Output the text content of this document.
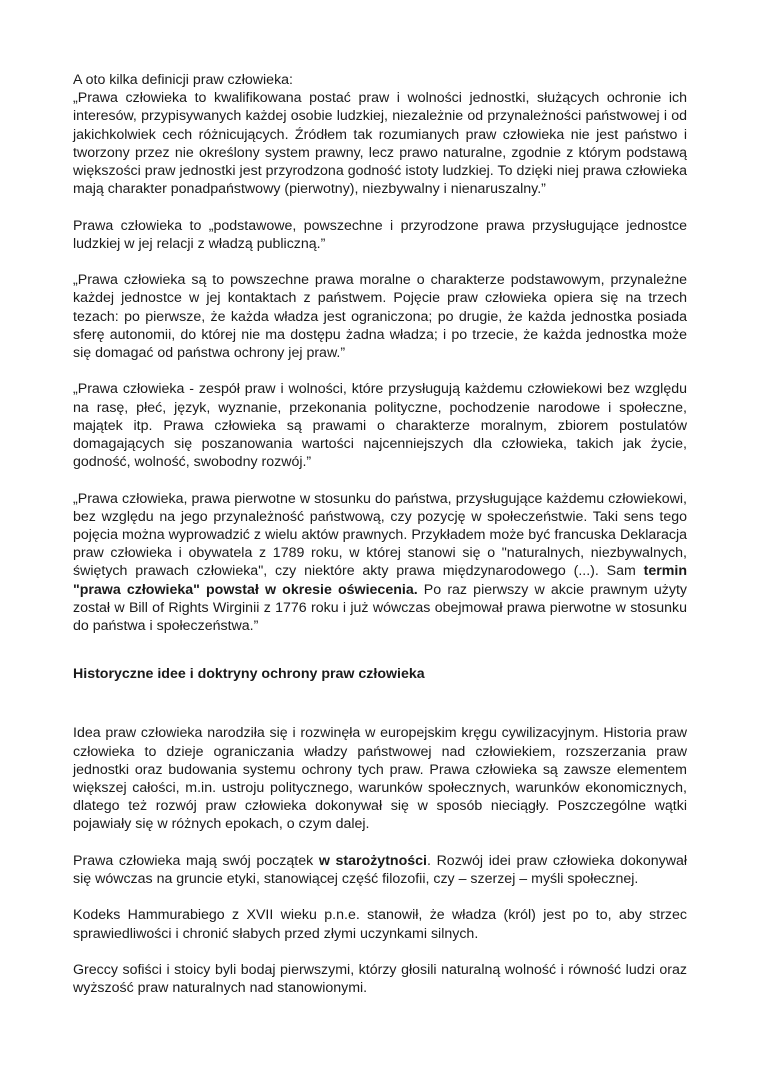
A oto kilka definicji praw człowieka:
„Prawa człowieka to kwalifikowana postać praw i wolności jednostki, służących ochronie ich interesów, przypisywanych każdej osobie ludzkiej, niezależnie od przynależności państwowej i od jakichkolwiek cech różnicujących. Źródłem tak rozumianych praw człowieka nie jest państwo i tworzony przez nie określony system prawny, lecz prawo naturalne, zgodnie z którym podstawą większości praw jednostki jest przyrodzona godność istoty ludzkiej. To dzięki niej prawa człowieka mają charakter ponadpaństwowy (pierwotny), niezbywalny i nienaruszalny.”

Prawa człowieka to „podstawowe, powszechne i przyrodzone prawa przysługujące jednostce ludzkiej w jej relacji z władzą publiczną.”

„Prawa człowieka są to powszechne prawa moralne o charakterze podstawowym, przynależne każdej jednostce w jej kontaktach z państwem. Pojęcie praw człowieka opiera się na trzech tezach: po pierwsze, że każda władza jest ograniczona; po drugie, że każda jednostka posiada sferę autonomii, do której nie ma dostępu żadna władza; i po trzecie, że każda jednostka może się domagać od państwa ochrony jej praw.”

„Prawa człowieka - zespół praw i wolności, które przysługują każdemu człowiekowi bez względu na rasę, płeć, język, wyznanie, przekonania polityczne, pochodzenie narodowe i społeczne, majątek itp. Prawa człowieka są prawami o charakterze moralnym, zbiorem postulatów domagających się poszanowania wartości najcenniejszych dla człowieka, takich jak życie, godność, wolność, swobodny rozwój.”

„Prawa człowieka, prawa pierwotne w stosunku do państwa, przysługujące każdemu człowiekowi, bez względu na jego przynależność państwową, czy pozycję w społeczeństwie. Taki sens tego pojęcia można wyprowadzić z wielu aktów prawnych. Przykładem może być francuska Deklaracja praw człowieka i obywatela z 1789 roku, w której stanowi się o "naturalnych, niezbywalnych, świętych prawach człowieka", czy niektóre akty prawa międzynarodowego (...). Sam termin "prawa człowieka" powstał w okresie oświecenia. Po raz pierwszy w akcie prawnym użyty został w Bill of Rights Wirginii z 1776 roku i już wówczas obejmował prawa pierwotne w stosunku do państwa i społeczeństwa.”

Historyczne idee i doktryny ochrony praw człowieka

Idea praw człowieka narodziła się i rozwinęła w europejskim kręgu cywilizacyjnym. Historia praw człowieka to dzieje ograniczania władzy państwowej nad człowiekiem, rozszerzania praw jednostki oraz budowania systemu ochrony tych praw. Prawa człowieka są zawsze elementem większej całości, m.in. ustroju politycznego, warunków społecznych, warunków ekonomicznych, dlatego też rozwój praw człowieka dokonywał się w sposób nieciągły. Poszczególne wątki pojawiały się w różnych epokach, o czym dalej.

Prawa człowieka mają swój początek w starożytności. Rozwój idei praw człowieka dokonywał się wówczas na gruncie etyki, stanowiącej część filozofii, czy – szerzej – myśli społecznej.

Kodeks Hammurabiego z XVII wieku p.n.e. stanowił, że władza (król) jest po to, aby strzec sprawiedliwości i chronić słabych przed złymi uczynkami silnych.

Greccy sofiści i stoicy byli bodaj pierwszymi, którzy głosili naturalną wolność i równość ludzi oraz wyższość praw naturalnych nad stanowionymi.
